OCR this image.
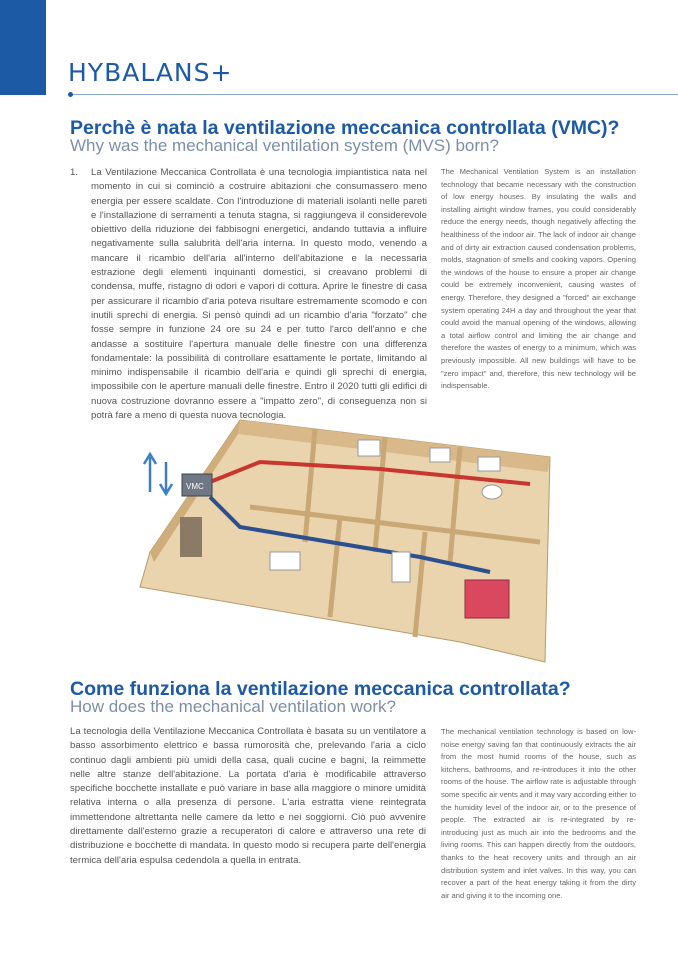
HYBALANS+
Perchè è nata la ventilazione meccanica controllata (VMC)?
Why was the mechanical ventilation system (MVS) born?
1. La Ventilazione Meccanica Controllata è una tecnologia impiantistica nata nel momento in cui si cominciò a costruire abitazioni che consumassero meno energia per essere scaldate. Con l'introduzione di materiali isolanti nelle pareti e l'installazione di serramenti a tenuta stagna, si raggiungeva il considerevole obiettivo della riduzione dei fabbisogni energetici, andando tuttavia a influire negativamente sulla salubrità dell'aria interna. In questo modo, venendo a mancare il ricambio dell'aria all'interno dell'abitazione e la necessaria estrazione degli elementi inquinanti domestici, si creavano problemi di condensa, muffe, ristagno di odori e vapori di cottura. Aprire le finestre di casa per assicurare il ricambio d'aria poteva risultare estremamente scomodo e con inutili sprechi di energia. Si pensò quindi ad un ricambio d'aria "forzato" che fosse sempre in funzione 24 ore su 24 e per tutto l'arco dell'anno e che andasse a sostituire l'apertura manuale delle finestre con una differenza fondamentale: la possibilità di controllare esattamente le portate, limitando al minimo indispensabile il ricambio dell'aria e quindi gli sprechi di energia, impossibile con le aperture manuali delle finestre. Entro il 2020 tutti gli edifici di nuova costruzione dovranno essere a "impatto zero", di conseguenza non si potrà fare a meno di questa nuova tecnologia.
The Mechanical Ventilation System is an installation technology that became necessary with the construction of low energy houses. By insulating the walls and installing airtight window frames, you could considerably reduce the energy needs, though negatively affecting the healthiness of the indoor air. The lack of indoor air change and of dirty air extraction caused condensation problems, molds, stagnation of smells and cooking vapors. Opening the windows of the house to ensure a proper air change could be extremely inconvenient, causing wastes of energy. Therefore, they designed a "forced" air exchange system operating 24H a day and throughout the year that could avoid the manual opening of the windows, allowing a total airflow control and limiting the air change and therefore the wastes of energy to a minimum, which was previously impossible. All new buildings will have to be "zero impact" and, therefore, this new technology will be indispensable.
VMC
Come funziona la ventilazione meccanica controllata?
How does the mechanical ventilation work?
La tecnologia della Ventilazione Meccanica Controllata è basata su un ventilatore a basso assorbimento elettrico e bassa rumorosità che, prelevando l'aria a ciclo continuo dagli ambienti più umidi della casa, quali cucine e bagni, la reimmette nelle altre stanze dell'abitazione. La portata d'aria è modificabile attraverso specifiche bocchette installate e può variare in base alla maggiore o minore umidità relativa interna o alla presenza di persone. L'aria estratta viene reintegrata immettendone altrettanta nelle camere da letto e nei soggiorni. Ciò può avvenire direttamente dall'esterno grazie a recuperatori di calore e attraverso una rete di distribuzione e bocchette di mandata. In questo modo si recupera parte dell'energia termica dell'aria espulsa cedendola a quella in entrata.
The mechanical ventilation technology is based on low-noise energy saving fan that continuously extracts the air from the most humid rooms of the house, such as kitchens, bathrooms, and re-introduces it into the other rooms of the house. The airflow rate is adjustable through some specific air vents and it may vary according either to the humidity level of the indoor air, or to the presence of people. The extracted air is re-integrated by re-introducing just as much air into the bedrooms and the living rooms. This can happen directly from the outdoors, thanks to the heat recovery units and through an air distribution system and inlet valves. In this way, you can recover a part of the heat energy taking it from the dirty air and giving it to the incoming one.
